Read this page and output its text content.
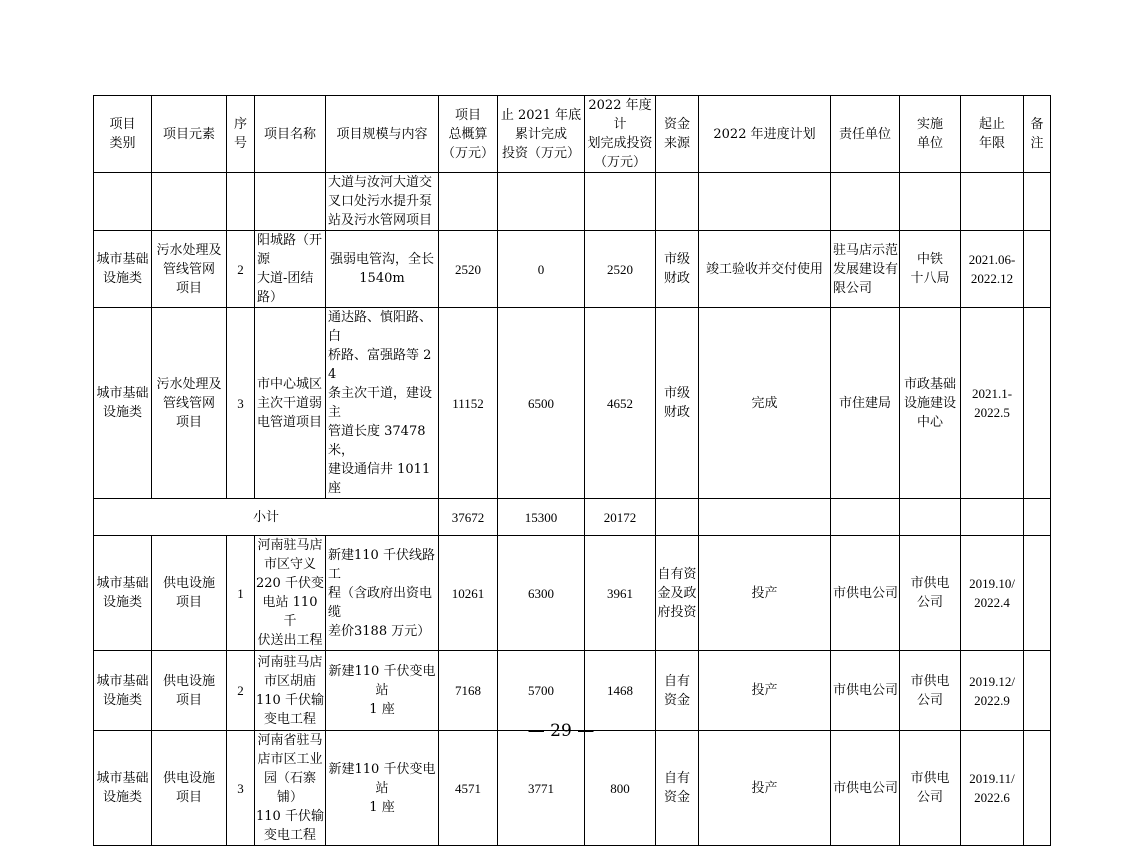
项目
类别	项目元素	序号	项目名称	项目规模与内容	项目
总概算
（万元）	止 2021 年底
累计完成
投资（万元）	2022 年度计
划完成投资
（万元）	资金
来源	2022 年进度计划	责任单位	实施
单位	起止
年限	备
注
				大道与汝河大道交
叉口处污水提升泵
站及污水管网项目									
城市基础
设施类	污水处理及
管线管网
项目	2	阳城路（开源
大道-团结
路）	强弱电管沟，全长
1540m	2520	0	2520	市级
财政	竣工验收并交付使用	驻马店示范
发展建设有
限公司	中铁
十八局	2021.06-
2022.12	
城市基础
设施类	污水处理及
管线管网
项目	3	市中心城区
主次干道弱
电管道项目	通达路、慎阳路、白
桥路、富强路等 24
条主次干道，建设主
管道长度 37478 米，
建设通信井 1011 座	11152	6500	4652	市级
财政	完成	市住建局	市政基础
设施建设
中心	2021.1-
2022.5	
小计					37672	15300	20172						
城市基础
设施类	供电设施
项目	1	河南驻马店
市区守义
220 千伏变
电站 110 千
伏送出工程	新建110 千伏线路工
程（含政府出资电缆
差价3188 万元）	10261	6300	3961	自有资
金及政
府投资	投产	市供电公司	市供电
公司	2019.10/
2022.4	
城市基础
设施类	供电设施
项目	2	河南驻马店
市区胡庙
110 千伏输
变电工程	新建110 千伏变电站
1 座	7168	5700	1468	自有
资金	投产	市供电公司	市供电
公司	2019.12/
2022.9	
城市基础
设施类	供电设施
项目	3	河南省驻马
店市区工业
园（石寨铺）
110 千伏输
变电工程	新建110 千伏变电站
1 座	4571	3771	800	自有
资金	投产	市供电公司	市供电
公司	2019.11/
2022.6	
— 29 —
